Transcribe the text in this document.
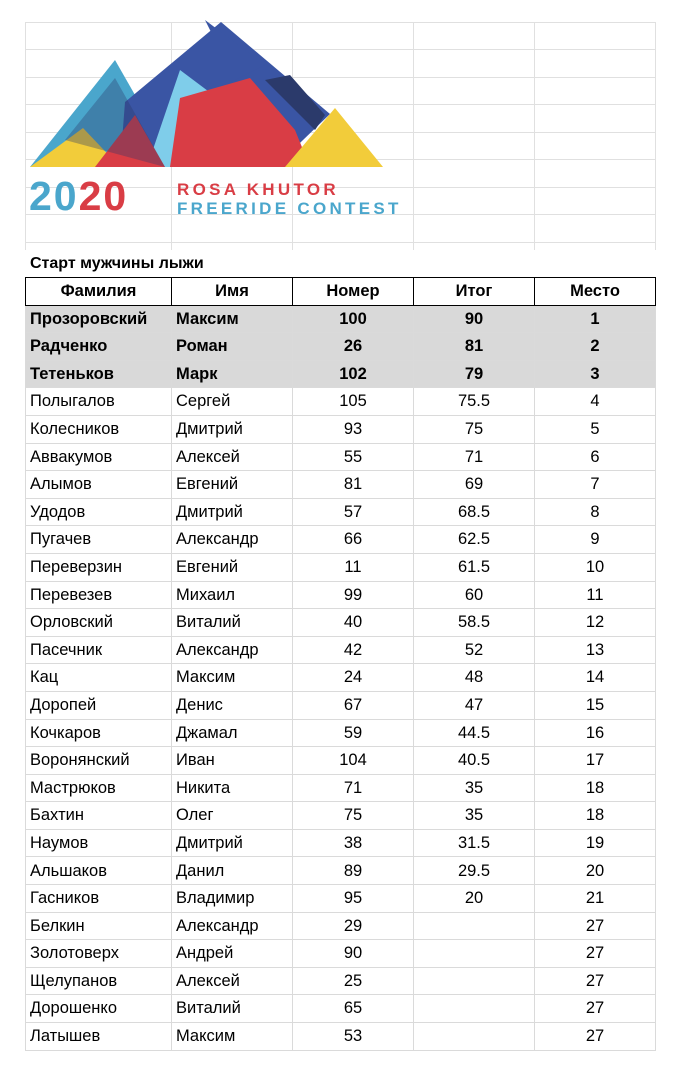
2020	ROSA KHUTOR
FREERIDE CONTEST
Старт мужчины лыжи
Фамилия	Имя	Номер	Итог	Место
Прозоровский	Максим	100	90	1
Радченко	Роман	26	81	2
Тетеньков	Марк	102	79	3
Полыгалов	Сергей	105	75.5	4
Колесников	Дмитрий	93	75	5
Аввакумов	Алексей	55	71	6
Алымов	Евгений	81	69	7
Удодов	Дмитрий	57	68.5	8
Пугачев	Александр	66	62.5	9
Переверзин	Евгений	11	61.5	10
Перевезев	Михаил	99	60	11
Орловский	Виталий	40	58.5	12
Пасечник	Александр	42	52	13
Кац	Максим	24	48	14
Доропей	Денис	67	47	15
Кочкаров	Джамал	59	44.5	16
Воронянский	Иван	104	40.5	17
Мастрюков	Никита	71	35	18
Бахтин	Олег	75	35	18
Наумов	Дмитрий	38	31.5	19
Альшаков	Данил	89	29.5	20
Гасников	Владимир	95	20	21
Белкин	Александр	29		27
Золотоверх	Андрей	90		27
Щелупанов	Алексей	25		27
Дорошенко	Виталий	65		27
Латышев	Максим	53		27
